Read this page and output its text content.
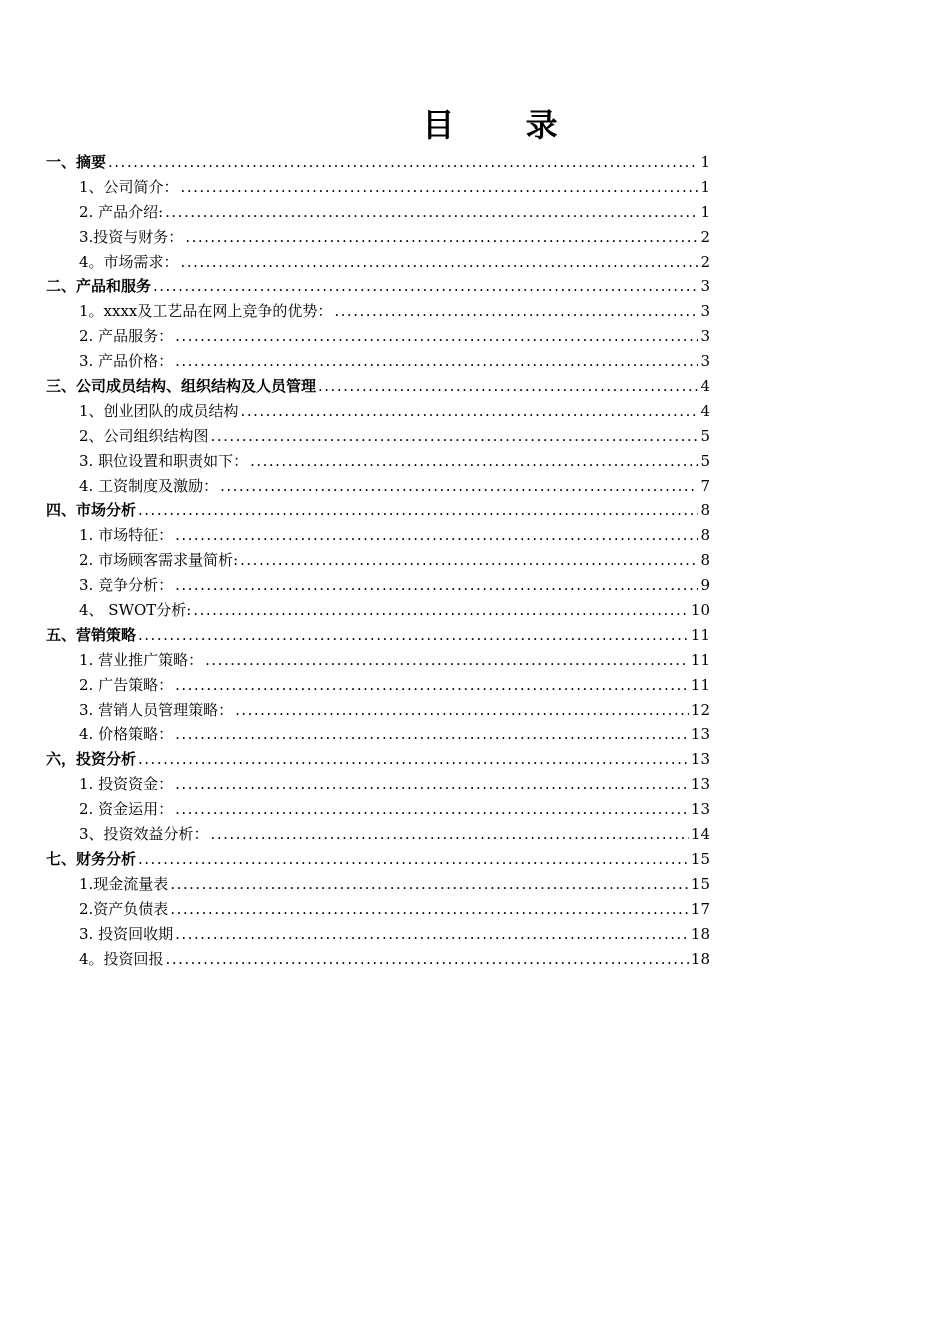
目 录
一、摘要 .....	1
1、公司简介： .....	1
2. 产品介绍: .....	1
3.投资与财务： .....	2
4。市场需求： .....	2
二、产品和服务 .....	3
1。xxxx及工艺品在网上竞争的优势： .....	3
2. 产品服务： .....	3
3. 产品价格： .....	3
三、公司成员结构、组织结构及人员管理 .....	4
1、创业团队的成员结构 .....	4
2、公司组织结构图 .....	5
3. 职位设置和职责如下： .....	5
4. 工资制度及激励： .....	7
四、市场分析 .....	8
1. 市场特征： .....	8
2. 市场顾客需求量简析: .....	8
3. 竞争分析： .....	9
4、 SWOT分析: .....	10
五、营销策略 .....	11
1. 营业推广策略： .....	11
2. 广告策略： .....	11
3. 营销人员管理策略： .....	12
4. 价格策略： .....	13
六，投资分析 .....	13
1. 投资资金： .....	13
2. 资金运用： .....	13
3、投资效益分析： .....	14
七、财务分析 .....	15
1.现金流量表 .....	15
2.资产负债表 .....	17
3. 投资回收期 .....	18
4。投资回报 .....	18
